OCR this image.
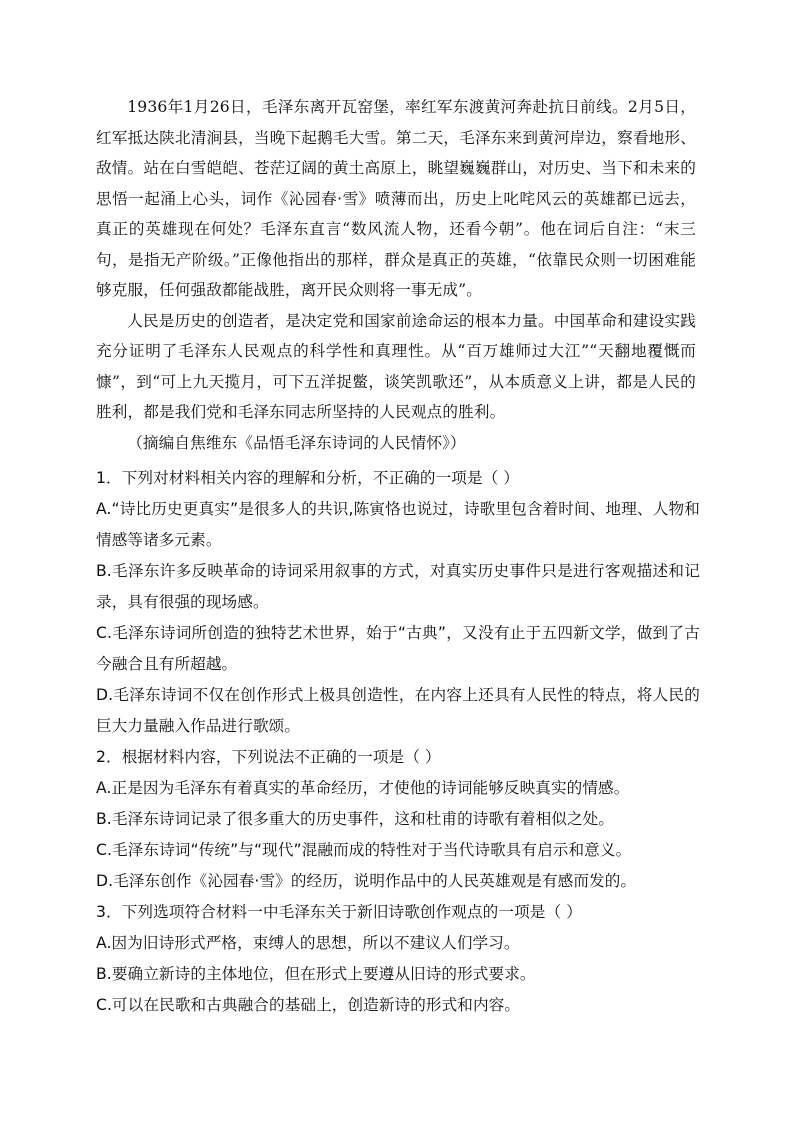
1936年1月26日，毛泽东离开瓦窑堡，率红军东渡黄河奔赴抗日前线。2月5日，红军抵达陕北清涧县，当晚下起鹅毛大雪。第二天，毛泽东来到黄河岸边，察看地形、敌情。站在白雪皑皑、苍茫辽阔的黄土高原上，眺望巍巍群山，对历史、当下和未来的思悟一起涌上心头，词作《沁园春·雪》喷薄而出，历史上叱咤风云的英雄都已远去，真正的英雄现在何处？毛泽东直言“数风流人物，还看今朝”。他在词后自注：“末三句，是指无产阶级。”正像他指出的那样，群众是真正的英雄，“依靠民众则一切困难能够克服，任何强敌都能战胜，离开民众则将一事无成”。

人民是历史的创造者，是决定党和国家前途命运的根本力量。中国革命和建设实践充分证明了毛泽东人民观点的科学性和真理性。从“百万雄师过大江”“天翻地覆慨而慷”，到“可上九天揽月，可下五洋捉鳖，谈笑凯歌还”，从本质意义上讲，都是人民的胜利，都是我们党和毛泽东同志所坚持的人民观点的胜利。

（摘编自焦维东《品悟毛泽东诗词的人民情怀》）

1．下列对材料相关内容的理解和分析，不正确的一项是（ ）

A.“诗比历史更真实”是很多人的共识,陈寅恪也说过，诗歌里包含着时间、地理、人物和情感等诸多元素。

B.毛泽东许多反映革命的诗词采用叙事的方式，对真实历史事件只是进行客观描述和记录，具有很强的现场感。

C.毛泽东诗词所创造的独特艺术世界，始于“古典”，又没有止于五四新文学，做到了古今融合且有所超越。

D.毛泽东诗词不仅在创作形式上极具创造性，在内容上还具有人民性的特点，将人民的巨大力量融入作品进行歌颂。

2．根据材料内容，下列说法不正确的一项是（ ）

A.正是因为毛泽东有着真实的革命经历，才使他的诗词能够反映真实的情感。

B.毛泽东诗词记录了很多重大的历史事件，这和杜甫的诗歌有着相似之处。

C.毛泽东诗词“传统”与“现代”混融而成的特性对于当代诗歌具有启示和意义。

D.毛泽东创作《沁园春·雪》的经历，说明作品中的人民英雄观是有感而发的。

3．下列选项符合材料一中毛泽东关于新旧诗歌创作观点的一项是（ ）

A.因为旧诗形式严格，束缚人的思想，所以不建议人们学习。

B.要确立新诗的主体地位，但在形式上要遵从旧诗的形式要求。

C.可以在民歌和古典融合的基础上，创造新诗的形式和内容。
